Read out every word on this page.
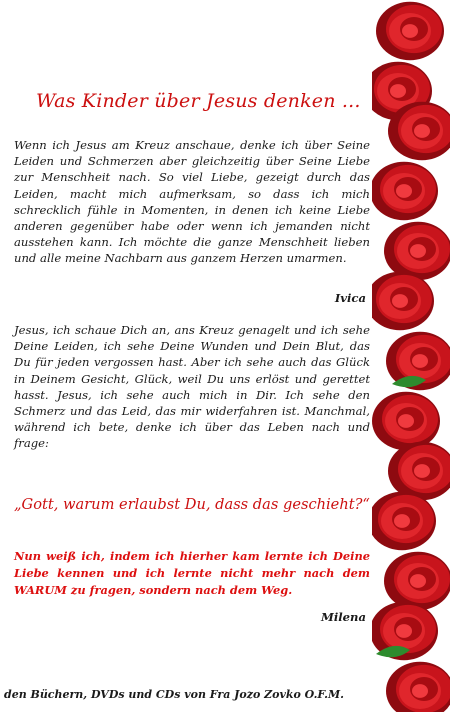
Was Kinder über Jesus denken ...

Wenn ich Jesus am Kreuz anschaue, denke ich über Seine Leiden und Schmerzen aber gleichzeitig über Seine Liebe zur Menschheit nach. So viel Liebe, gezeigt durch das Leiden, macht mich aufmerksam, so dass ich mich schrecklich fühle in Momenten, in denen ich keine Liebe anderen gegenüber habe oder wenn ich jemanden nicht ausstehen kann. Ich möchte die ganze Menschheit lieben und alle meine Nachbarn aus ganzem Herzen umarmen.

Ivica

Jesus, ich schaue Dich an, ans Kreuz genagelt und ich sehe Deine Leiden, ich sehe Deine Wunden und Dein Blut, das Du für jeden vergossen hast. Aber ich sehe auch das Glück in Deinem Gesicht, Glück, weil Du uns erlöst und gerettet hasst. Jesus, ich sehe auch mich in Dir. Ich sehe den Schmerz und das Leid, das mir widerfahren ist. Manchmal, während ich bete, denke ich über das Leben nach und frage:

„Gott, warum erlaubst Du, dass das geschieht?“

Nun weiß ich, indem ich hierher kam lernte ich Deine Liebe kennen und ich lernte nicht mehr nach dem WARUM zu fragen, sondern nach dem Weg.

Milena
den Büchern, DVDs und CDs von Fra Jozo Zovko O.F.M.
